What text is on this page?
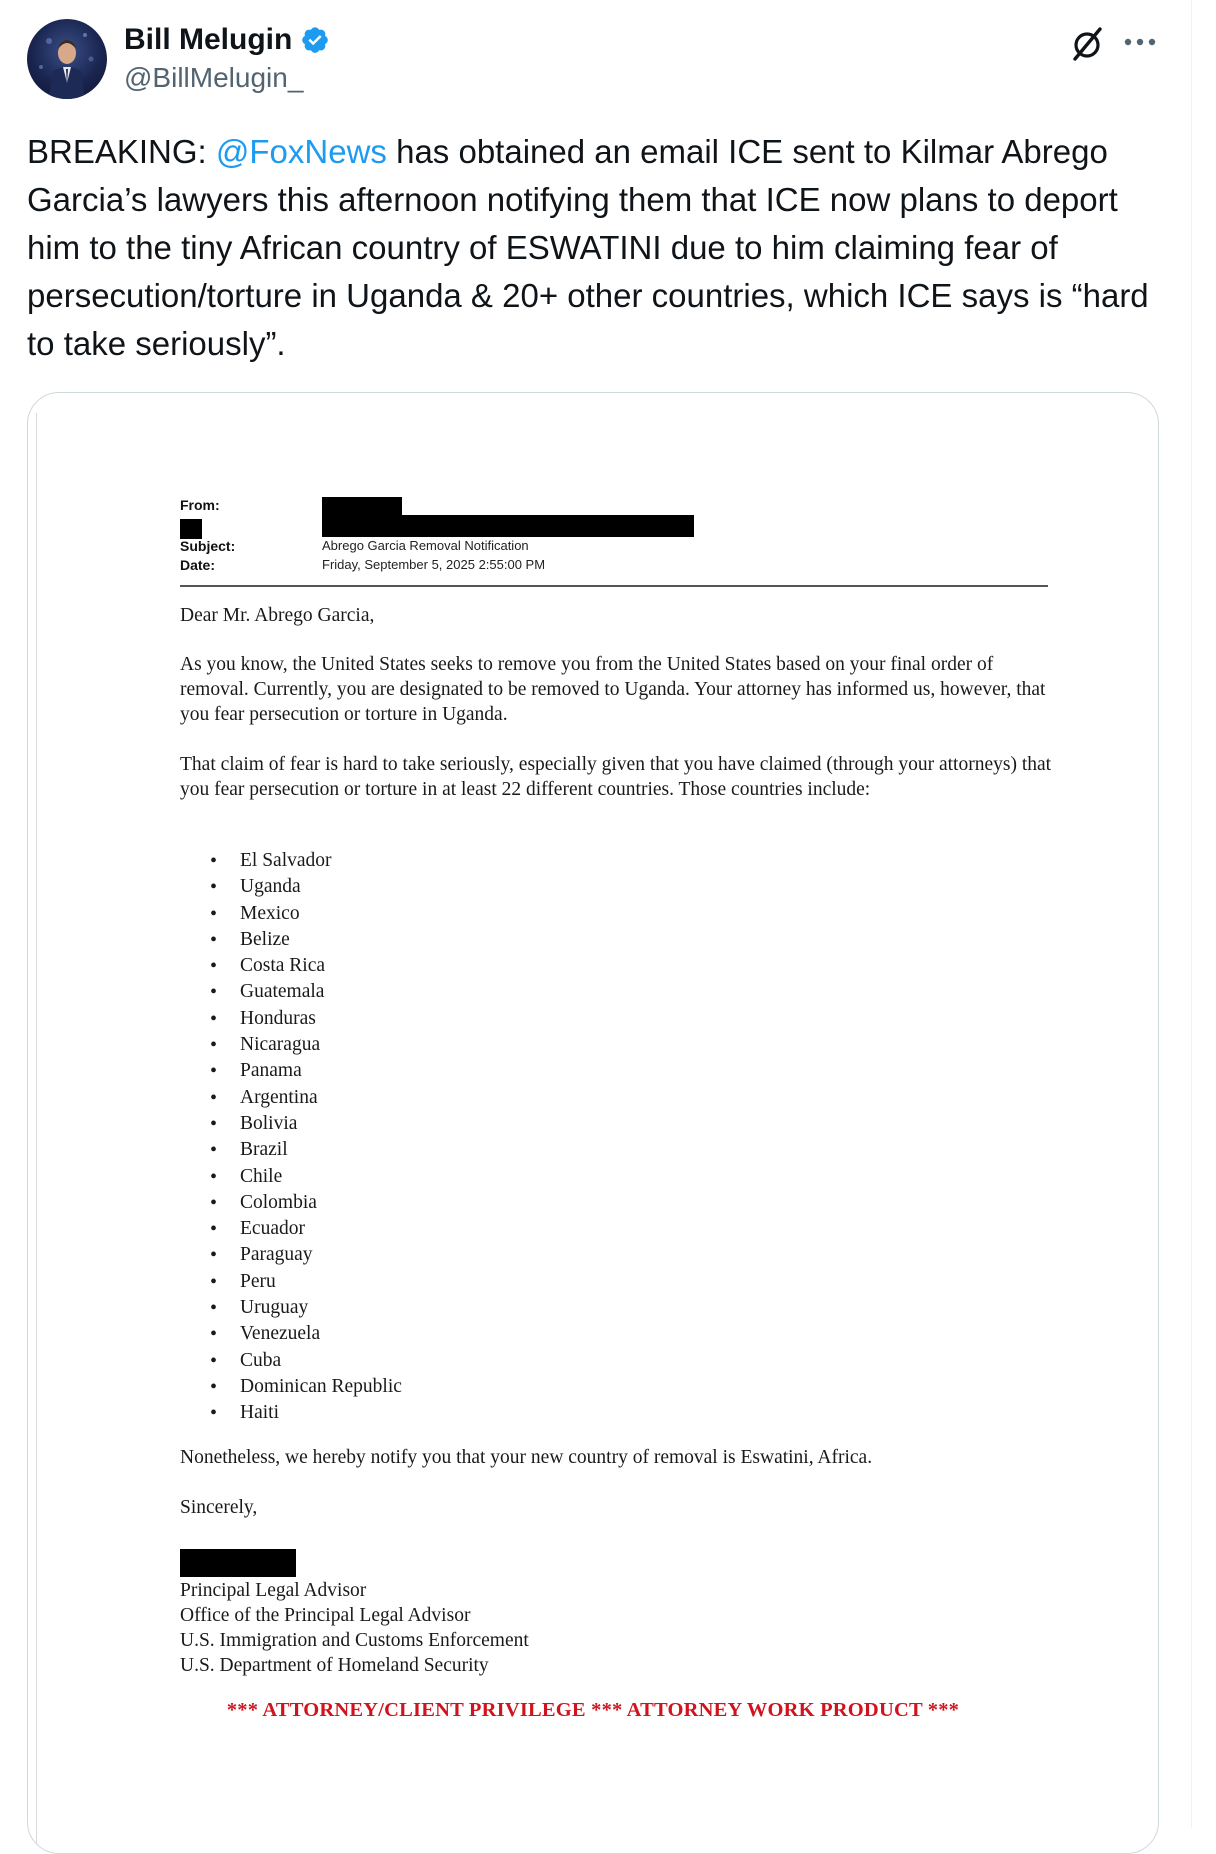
Bill Melugin
@BillMelugin_

BREAKING: @FoxNews has obtained an email ICE sent to Kilmar Abrego Garcia’s lawyers this afternoon notifying them that ICE now plans to deport him to the tiny African country of ESWATINI due to him claiming fear of persecution/torture in Uganda & 20+ other countries, which ICE says is “hard to take seriously”.

From:
Subject:	Abrego Garcia Removal Notification
Date:	Friday, September 5, 2025 2:55:00 PM

Dear Mr. Abrego Garcia,

As you know, the United States seeks to remove you from the United States based on your final order of removal. Currently, you are designated to be removed to Uganda. Your attorney has informed us, however, that you fear persecution or torture in Uganda.

That claim of fear is hard to take seriously, especially given that you have claimed (through your attorneys) that you fear persecution or torture in at least 22 different countries. Those countries include:

• El Salvador
• Uganda
• Mexico
• Belize
• Costa Rica
• Guatemala
• Honduras
• Nicaragua
• Panama
• Argentina
• Bolivia
• Brazil
• Chile
• Colombia
• Ecuador
• Paraguay
• Peru
• Uruguay
• Venezuela
• Cuba
• Dominican Republic
• Haiti

Nonetheless, we hereby notify you that your new country of removal is Eswatini, Africa.

Sincerely,

Principal Legal Advisor
Office of the Principal Legal Advisor
U.S. Immigration and Customs Enforcement
U.S. Department of Homeland Security
*** ATTORNEY/CLIENT PRIVILEGE *** ATTORNEY WORK PRODUCT ***
